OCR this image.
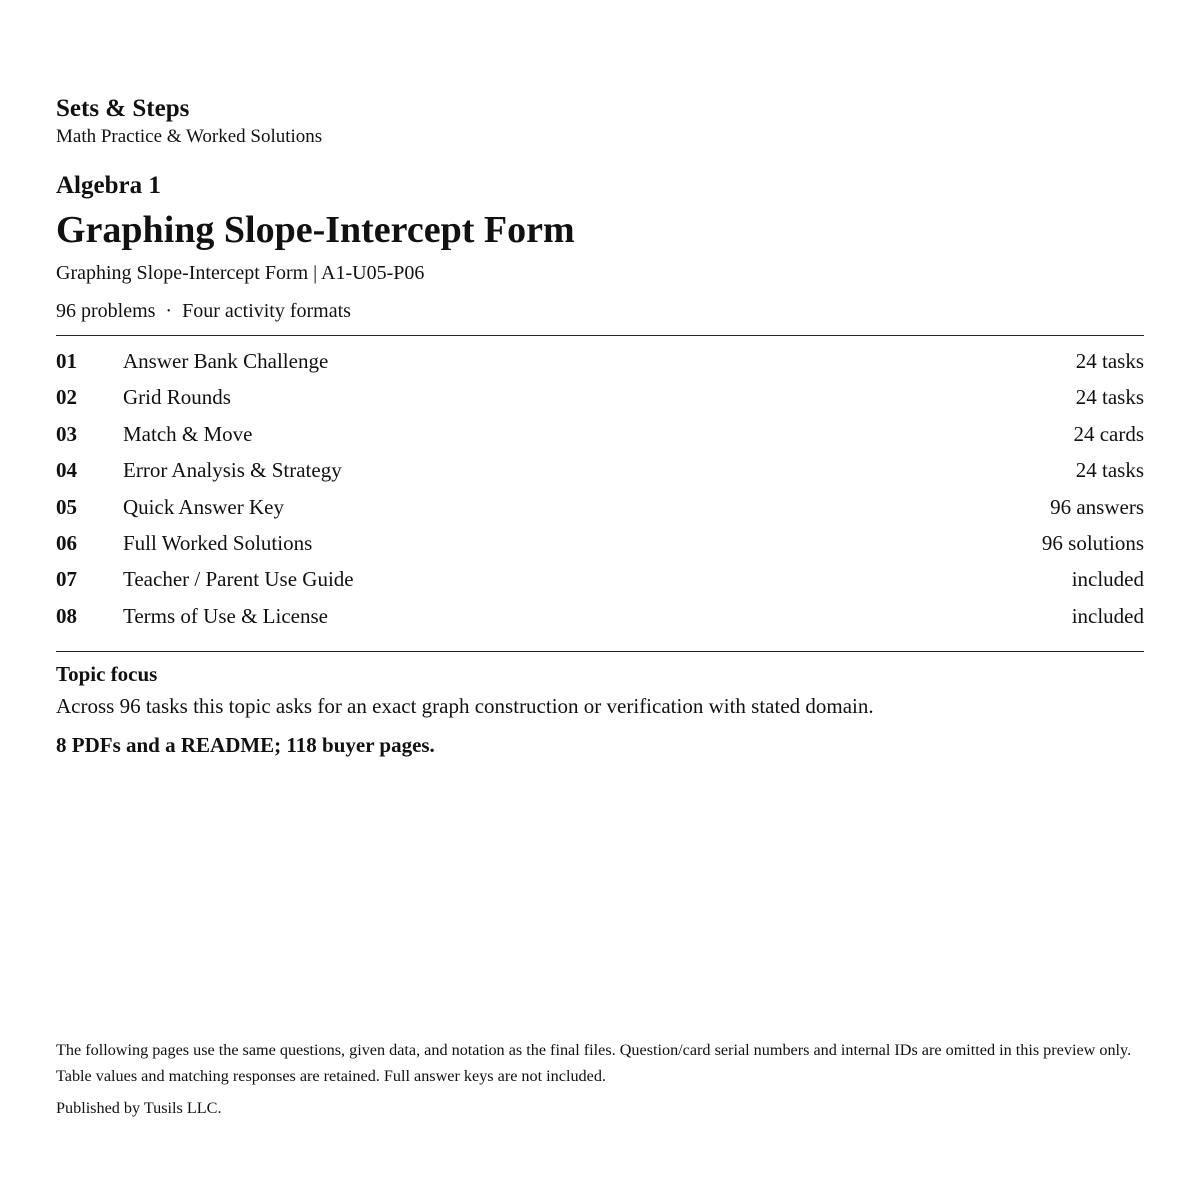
Sets & Steps
Math Practice & Worked Solutions
Algebra 1
Graphing Slope-Intercept Form
Graphing Slope-Intercept Form | A1-U05-P06
96 problems  ·  Four activity formats
01 Answer Bank Challenge	24 tasks
02 Grid Rounds	24 tasks
03 Match & Move	24 cards
04 Error Analysis & Strategy	24 tasks
05 Quick Answer Key	96 answers
06 Full Worked Solutions	96 solutions
07 Teacher / Parent Use Guide	included
08 Terms of Use & License	included
Topic focus
Across 96 tasks this topic asks for an exact graph construction or verification with stated domain.
8 PDFs and a README; 118 buyer pages.

The following pages use the same questions, given data, and notation as the final files. Question/card serial numbers and internal IDs are omitted in this preview only. Table values and matching responses are retained. Full answer keys are not included.

Published by Tusils LLC.
